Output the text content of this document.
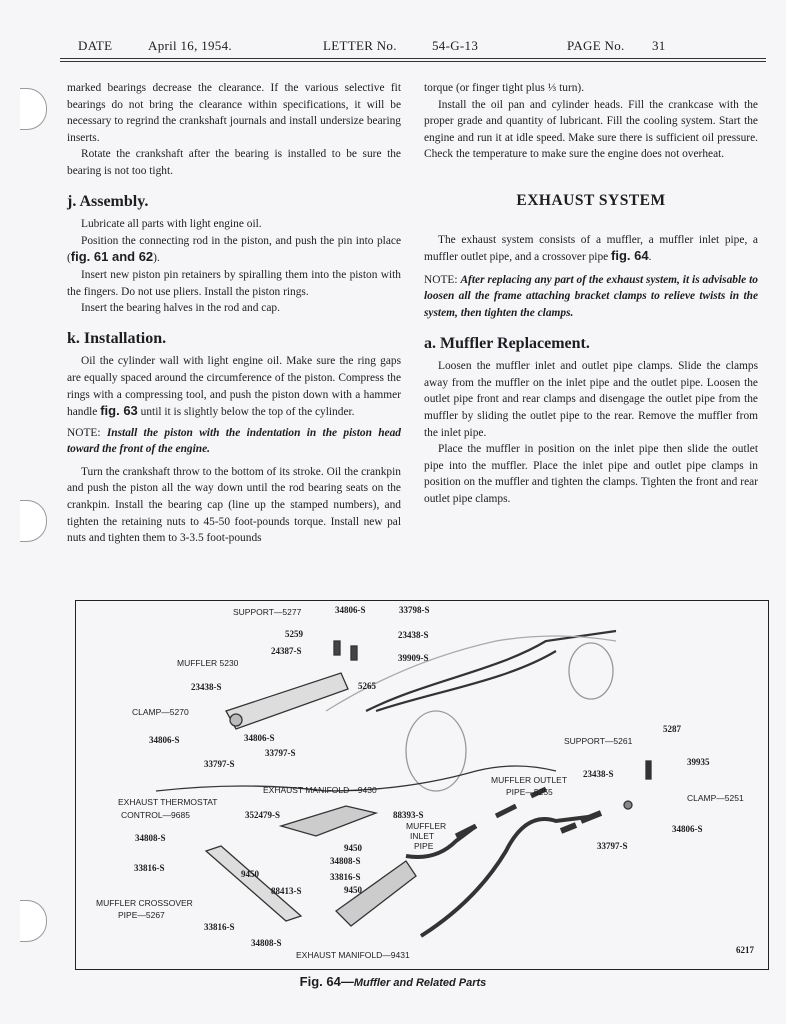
DATE	April 16, 1954.	LETTER No.	54-G-13	PAGE No. 31

marked bearings decrease the clearance. If the various selective fit bearings do not bring the clearance within specifications, it will be necessary to regrind the crankshaft journals and install undersize bearing inserts.

Rotate the crankshaft after the bearing is installed to be sure the bearing is not too tight.

j. Assembly.

Lubricate all parts with light engine oil.

Position the connecting rod in the piston, and push the pin into place (fig. 61 and 62).

Insert new piston pin retainers by spiralling them into the piston with the fingers. Do not use pliers. Install the piston rings.

Insert the bearing halves in the rod and cap.

k. Installation.

Oil the cylinder wall with light engine oil. Make sure the ring gaps are equally spaced around the circumference of the piston. Compress the rings with a compressing tool, and push the piston down with a hammer handle fig. 63 until it is slightly below the top of the cylinder.

NOTE: Install the piston with the indentation in the piston head toward the front of the engine.

Turn the crankshaft throw to the bottom of its stroke. Oil the crankpin and push the piston all the way down until the rod bearing seats on the crankpin. Install the bearing cap (line up the stamped numbers), and tighten the retaining nuts to 45-50 foot-pounds torque. Install new pal nuts and tighten them to 3-3.5 foot-pounds

torque (or finger tight plus ⅓ turn).

Install the oil pan and cylinder heads. Fill the crankcase with the proper grade and quantity of lubricant. Fill the cooling system. Start the engine and run it at idle speed. Make sure there is sufficient oil pressure. Check the temperature to make sure the engine does not overheat.

EXHAUST SYSTEM

The exhaust system consists of a muffler, a muffler inlet pipe, a muffler outlet pipe, and a crossover pipe fig. 64.

NOTE: After replacing any part of the exhaust system, it is advisable to loosen all the frame attaching bracket clamps to relieve twists in the system, then tighten the clamps.

a. Muffler Replacement.

Loosen the muffler inlet and outlet pipe clamps. Slide the clamps away from the muffler on the inlet pipe and the outlet pipe. Loosen the outlet pipe front and rear clamps and disengage the outlet pipe from the muffler by sliding the outlet pipe to the rear. Remove the muffler from the inlet pipe.

Place the muffler in position on the inlet pipe then slide the outlet pipe into the muffler. Place the inlet pipe and outlet pipe clamps in position on the muffler and tighten the clamps. Tighten the front and rear outlet pipe clamps.

SUPPORT—5277	34806-S	33798-S
5259	23438-S
24387-S
39909-S
MUFFLER 5230
5265
23438-S
CLAMP—5270
34806-S	34806-S
33797-S
33797-S
EXHAUST MANIFOLD—9430
EXHAUST THERMOSTAT
CONTROL—9685	352479-S	88393-S
MUFFLER
INLET
PIPE
34808-S
9450
9450
34808-S
33816-S
33816-S
9450
88413-S
MUFFLER CROSSOVER
PIPE—5267
33816-S
34808-S
EXHAUST MANIFOLD—9431
5287
SUPPORT—5261
39935
23438-S
MUFFLER OUTLET
PIPE—5255
CLAMP—5251
34806-S
33797-S
6217
Fig. 64—Muffler and Related Parts
